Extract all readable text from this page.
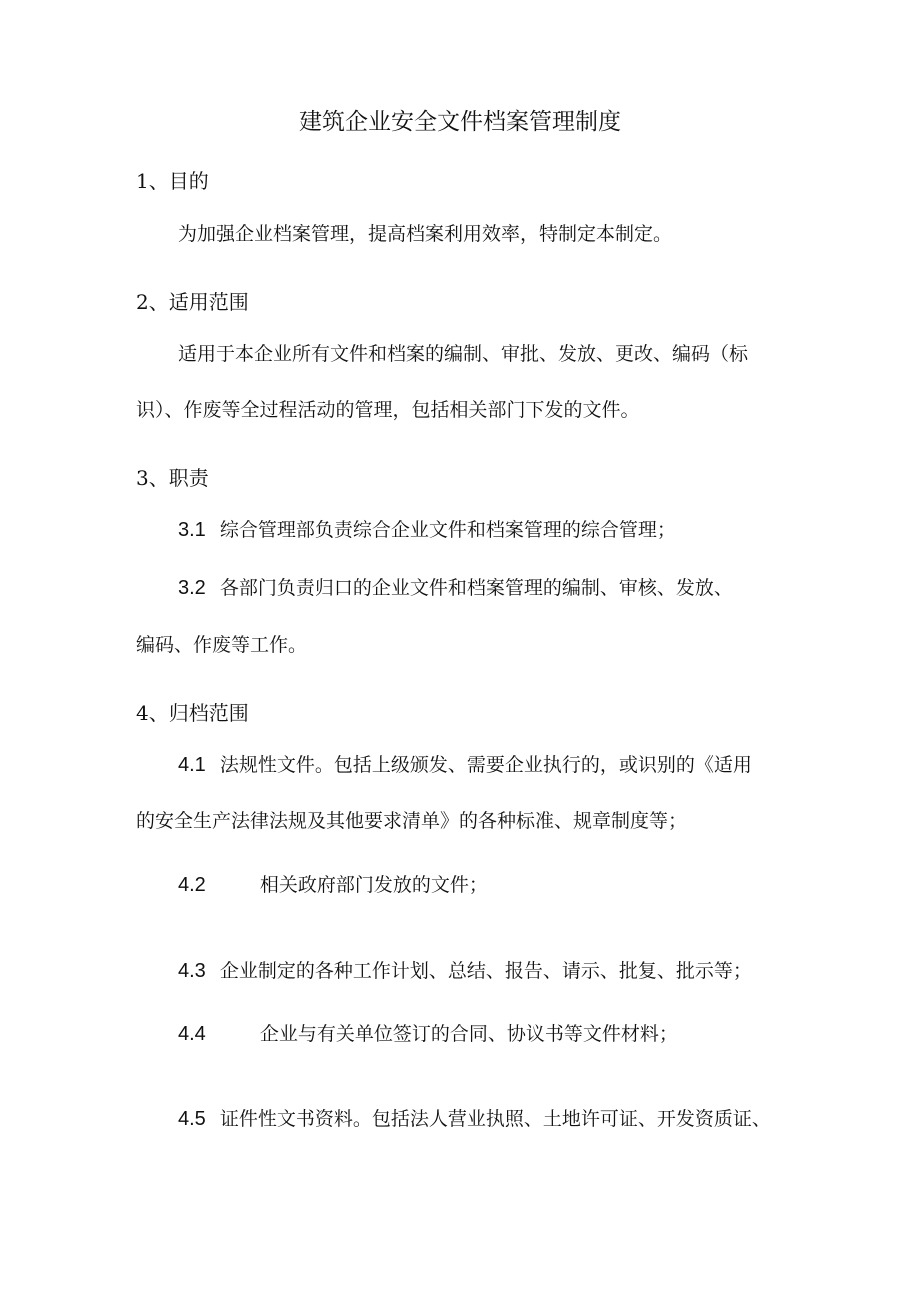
建筑企业安全文件档案管理制度
1、目的
为加强企业档案管理，提高档案利用效率，特制定本制定。
2、适用范围
适用于本企业所有文件和档案的编制、审批、发放、更改、编码（标
识）、作废等全过程活动的管理，包括相关部门下发的文件。
3、职责
3.1 综合管理部负责综合企业文件和档案管理的综合管理；
3.2 各部门负责归口的企业文件和档案管理的编制、审核、发放、
编码、作废等工作。
4、归档范围
4.1 法规性文件。包括上级颁发、需要企业执行的，或识别的《适用
的安全生产法律法规及其他要求清单》的各种标准、规章制度等；
4.2	相关政府部门发放的文件；
4.3 企业制定的各种工作计划、总结、报告、请示、批复、批示等；
4.4	企业与有关单位签订的合同、协议书等文件材料；
4.5 证件性文书资料。包括法人营业执照、土地许可证、开发资质证、
